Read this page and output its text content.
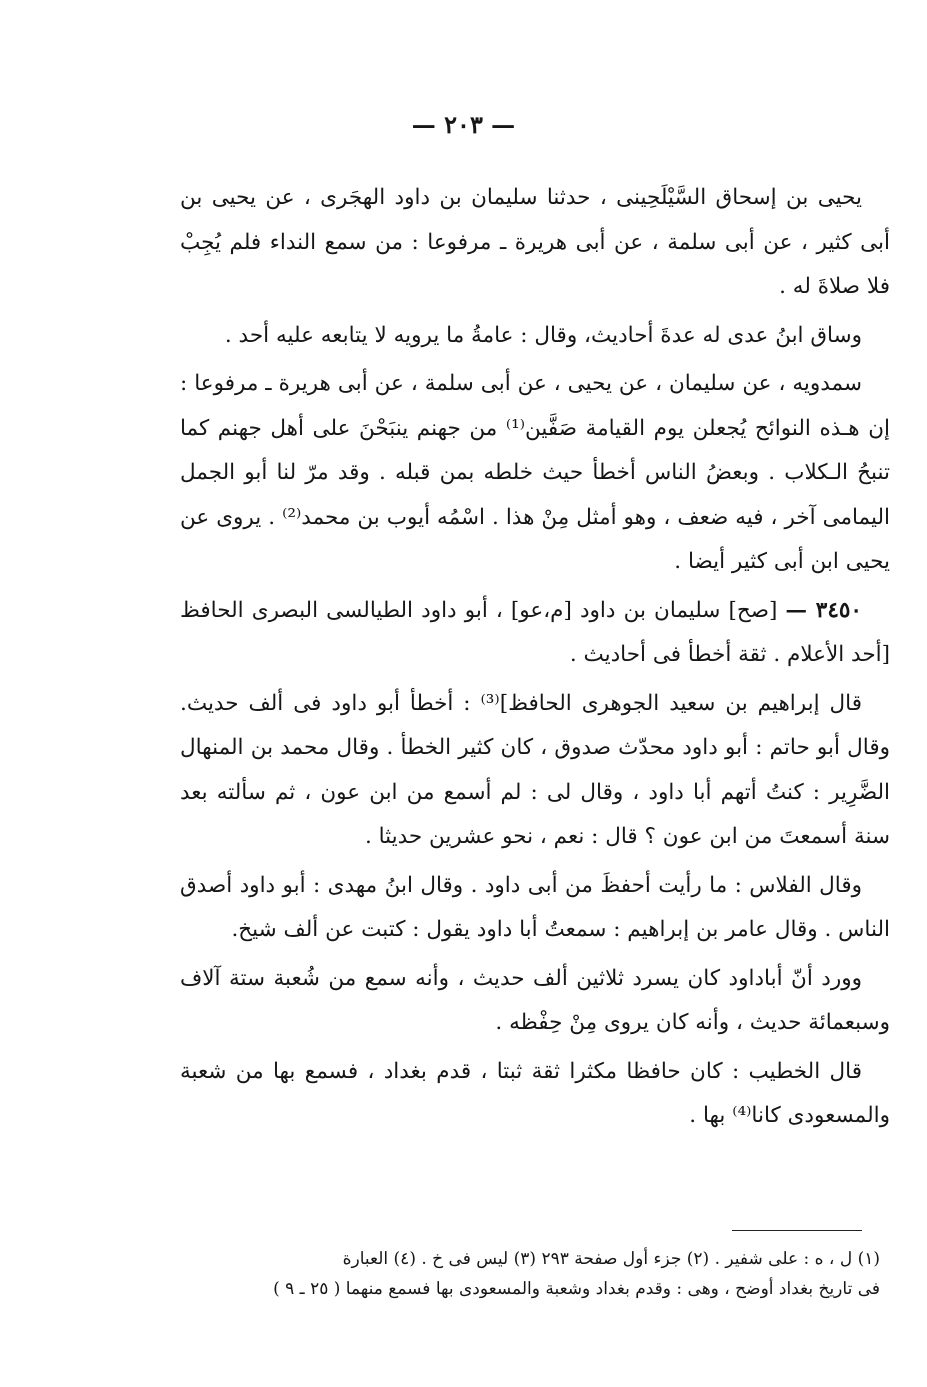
— ٢٠٣ —

يحيى بن إسحاق السَّيْلَحِينى ، حدثنا سليمان بن داود الهجَرى ، عن يحيى بن أبى كثير ، عن أبى سلمة ، عن أبى هريرة ـ مرفوعا : من سمع النداء فلم يُجِبْ فلا صلاةَ له .

وساق ابنُ عدى له عدةَ أحاديث، وقال : عامةُ ما يرويه لا يتابعه عليه أحد .

سمدويه ، عن سليمان ، عن يحيى ، عن أبى سلمة ، عن أبى هريرة ـ مرفوعا : إن هـذه النوائح يُجعلن يوم القيامة صَفَّين⁽¹⁾ من جهنم ينبَحْنَ على أهل جهنم كما تنبحُ الـكلاب . وبعضُ الناس أخطأ حيث خلطه بمن قبله . وقد مرّ لنا أبو الجمل اليمامى آخر ، فيه ضعف ، وهو أمثل مِنْ هذا . اسْمُه أيوب بن محمد⁽²⁾ . يروى عن يحيى ابن أبى كثير أيضا .

٣٤٥٠ — [صح] سليمان بن داود [م،عو] ، أبو داود الطيالسى البصرى الحافظ [أحد الأعلام . ثقة أخطأ فى أحاديث .

قال إبراهيم بن سعيد الجوهرى الحافظ]⁽³⁾ : أخطأ أبو داود فى ألف حديث. وقال أبو حاتم : أبو داود محدّث صدوق ، كان كثير الخطأ . وقال محمد بن المنهال الضَّرِير : كنتُ أتهم أبا داود ، وقال لى : لم أسمع من ابن عون ، ثم سألته بعد سنة أسمعتَ من ابن عون ؟ قال : نعم ، نحو عشرين حديثا .

وقال الفلاس : ما رأيت أحفظَ من أبى داود . وقال ابنُ مهدى : أبو داود أصدق الناس . وقال عامر بن إبراهيم : سمعتُ أبا داود يقول : كتبت عن ألف شيخ.

وورد أنّ أباداود كان يسرد ثلاثين ألف حديث ، وأنه سمع من شُعبة ستة آلاف وسبعمائة حديث ، وأنه كان يروى مِنْ حِفْظه .

قال الخطيب : كان حافظا مكثرا ثقة ثبتا ، قدم بغداد ، فسمع بها من شعبة والمسعودى كانا⁽⁴⁾ بها .

(١) ل ، ه : على شفير . (٢) جزء أول صفحة ٢٩٣ (٣) ليس فى خ . (٤) العبارة

فى تاريخ بغداد أوضح ، وهى : وقدم بغداد وشعبة والمسعودى بها فسمع منهما ( ٢٥ ـ ٩ )
